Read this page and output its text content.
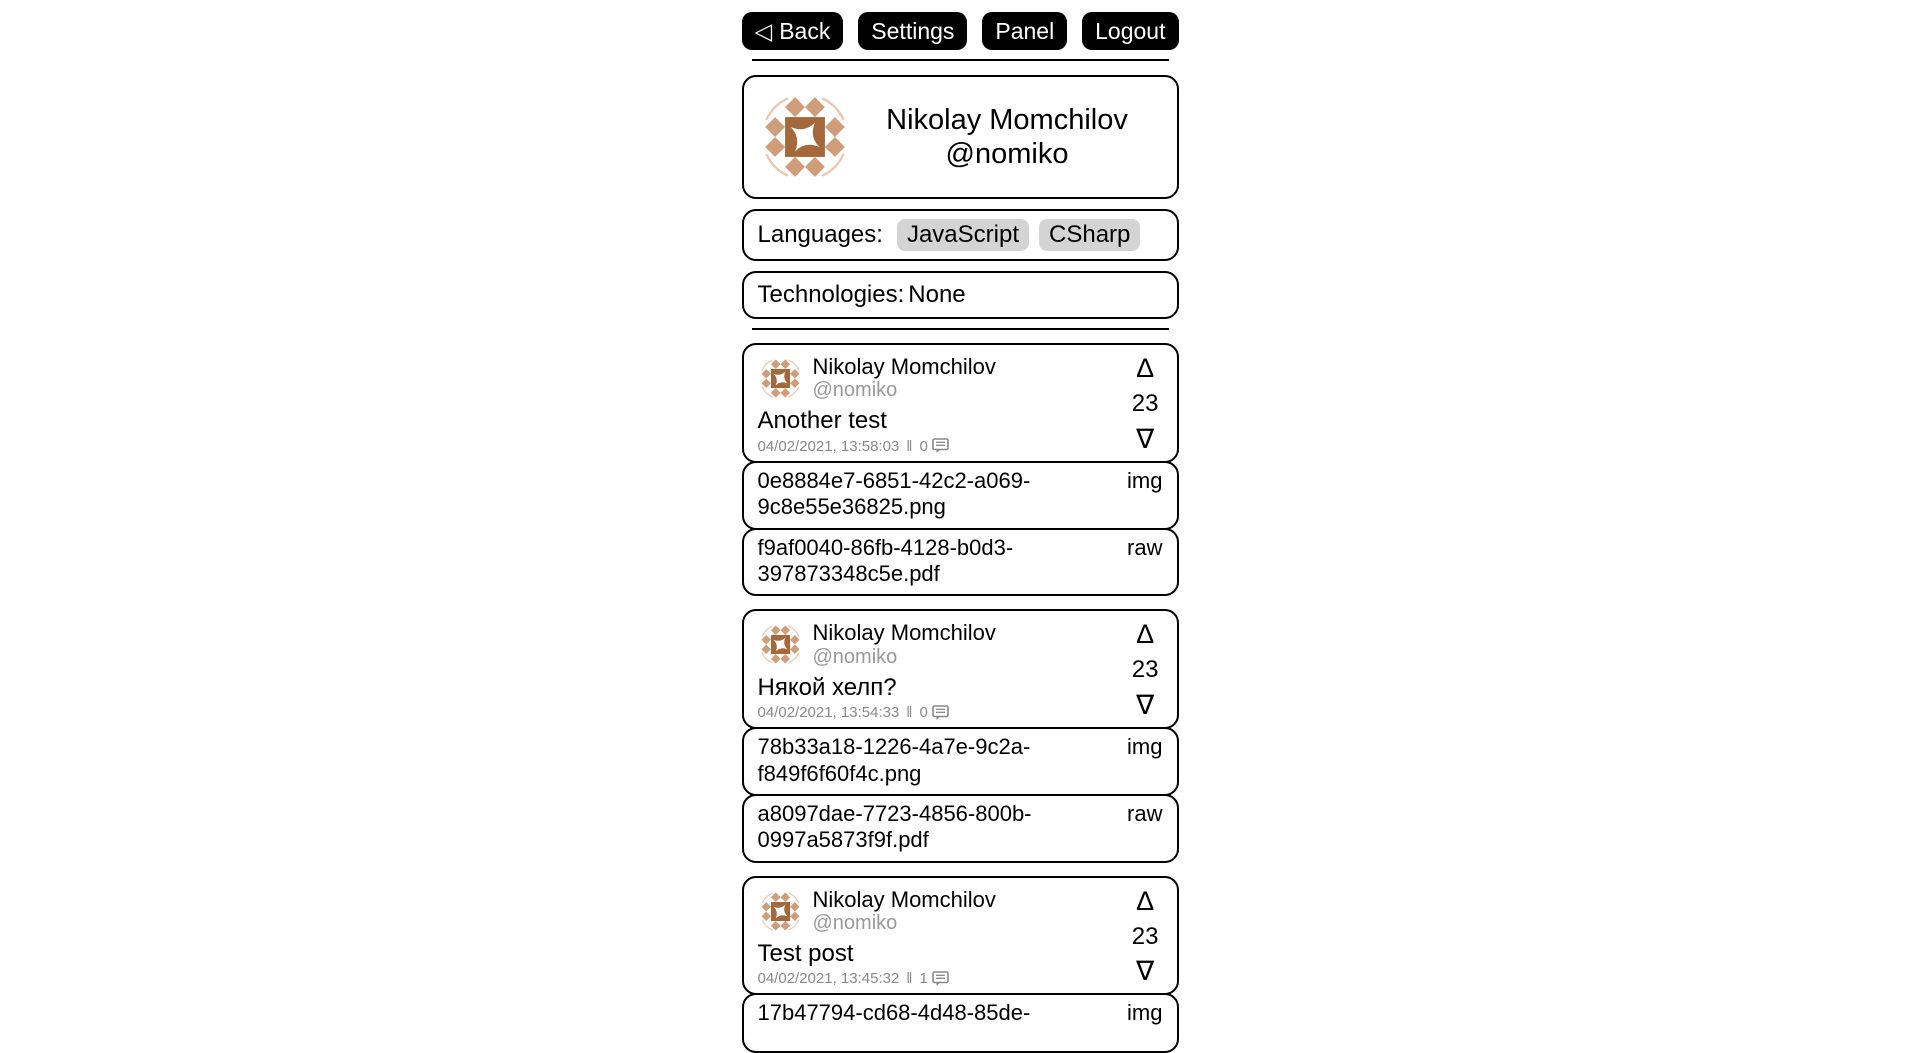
◁ Back Settings Panel Logout
Nikolay Momchilov
@nomiko
Languages:	JavaScript	CSharp
Technologies: None
Nikolay Momchilov
@nomiko
Another test
04/02/2021, 13:58:03 ‖ 0
Δ
23
∇
0e8884e7-6851-42c2-a069-9c8e55e36825.png
img
f9af0040-86fb-4128-b0d3-397873348c5e.pdf
raw
Nikolay Momchilov
@nomiko
Някой хелп?
04/02/2021, 13:54:33 ‖ 0
Δ
23
∇
78b33a18-1226-4a7e-9c2a-f849f6f60f4c.png
img
a8097dae-7723-4856-800b-0997a5873f9f.pdf
raw
Nikolay Momchilov
@nomiko
Test post
04/02/2021, 13:45:32 ‖ 1
Δ
23
∇
17b47794-cd68-4d48-85de-	img
